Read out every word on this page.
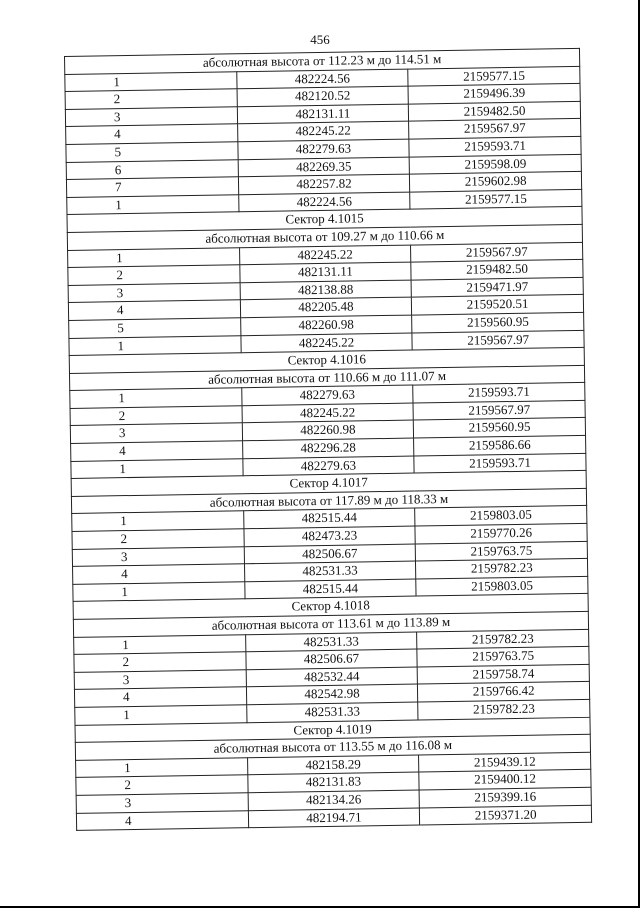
456
абсолютная высота от 112.23 м до 114.51 м		
1	482224.56	2159577.15
2	482120.52	2159496.39
3	482131.11	2159482.50
4	482245.22	2159567.97
5	482279.63	2159593.71
6	482269.35	2159598.09
7	482257.82	2159602.98
1	482224.56	2159577.15
Сектор 4.1015		
абсолютная высота от 109.27 м до 110.66 м		
1	482245.22	2159567.97
2	482131.11	2159482.50
3	482138.88	2159471.97
4	482205.48	2159520.51
5	482260.98	2159560.95
1	482245.22	2159567.97
Сектор 4.1016		
абсолютная высота от 110.66 м до 111.07 м		
1	482279.63	2159593.71
2	482245.22	2159567.97
3	482260.98	2159560.95
4	482296.28	2159586.66
1	482279.63	2159593.71
Сектор 4.1017		
абсолютная высота от 117.89 м до 118.33 м		
1	482515.44	2159803.05
2	482473.23	2159770.26
3	482506.67	2159763.75
4	482531.33	2159782.23
1	482515.44	2159803.05
Сектор 4.1018		
абсолютная высота от 113.61 м до 113.89 м		
1	482531.33	2159782.23
2	482506.67	2159763.75
3	482532.44	2159758.74
4	482542.98	2159766.42
1	482531.33	2159782.23
Сектор 4.1019		
абсолютная высота от 113.55 м до 116.08 м		
1	482158.29	2159439.12
2	482131.83	2159400.12
3	482134.26	2159399.16
4	482194.71	2159371.20
